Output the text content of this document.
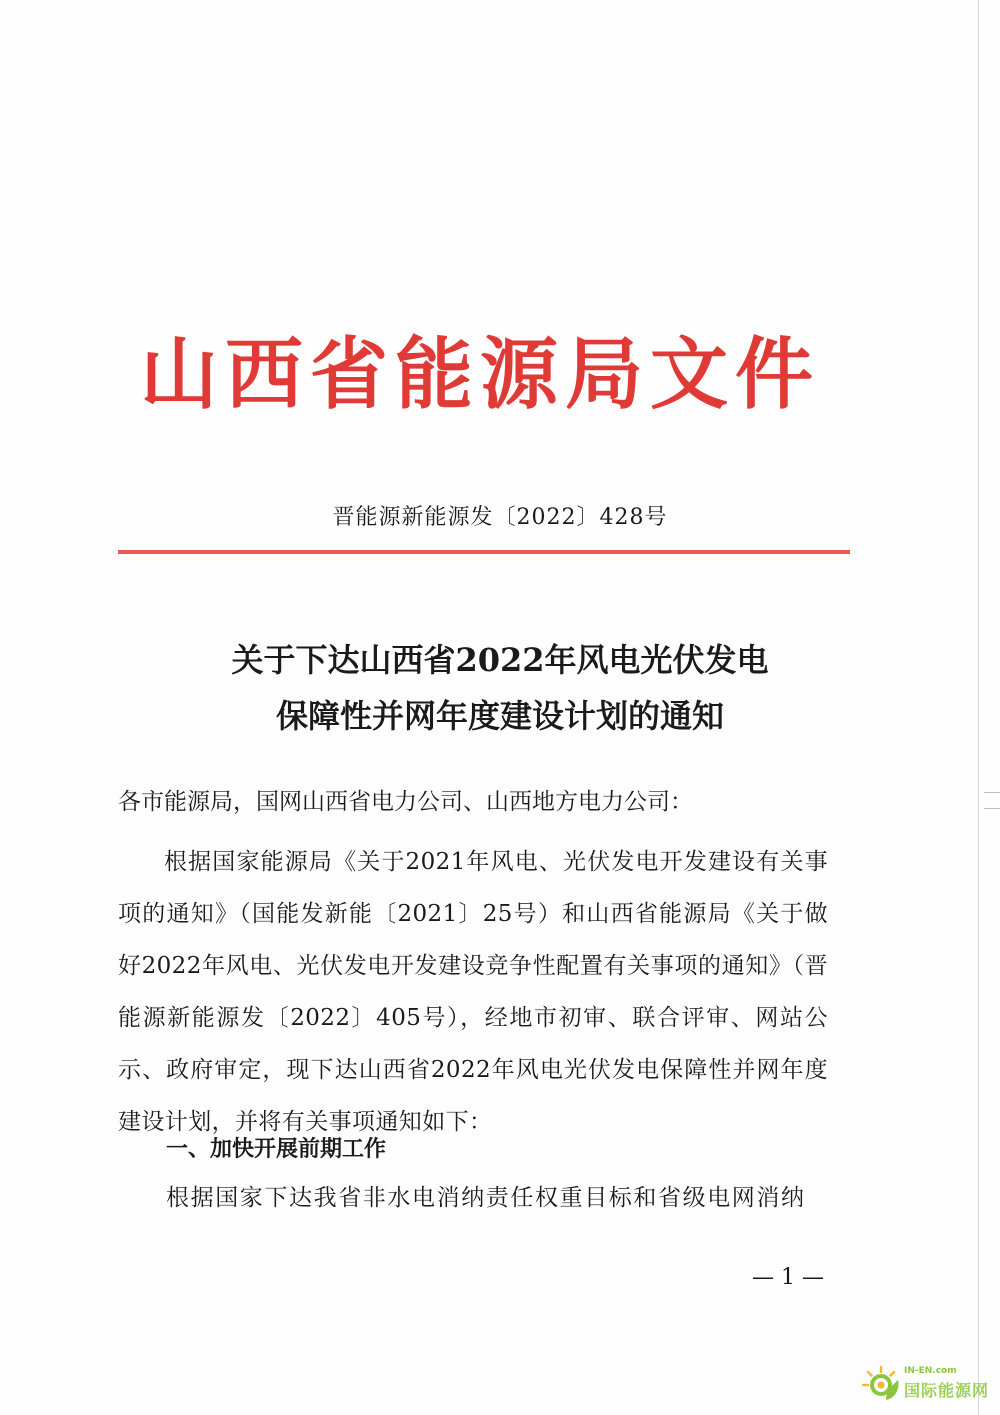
山西省能源局文件
晋能源新能源发〔2022〕428号
关于下达山西省2022年风电光伏发电
保障性并网年度建设计划的通知
各市能源局，国网山西省电力公司、山西地方电力公司：
根据国家能源局《关于2021年风电、光伏发电开发建设有关事项的通知》（国能发新能〔2021〕25号）和山西省能源局《关于做好2022年风电、光伏发电开发建设竞争性配置有关事项的通知》（晋能源新能源发〔2022〕405号），经地市初审、联合评审、网站公示、政府审定，现下达山西省2022年风电光伏发电保障性并网年度建设计划，并将有关事项通知如下：
一、加快开展前期工作
根据国家下达我省非水电消纳责任权重目标和省级电网消纳
— 1 —
IN-EN.com
国际能源网
